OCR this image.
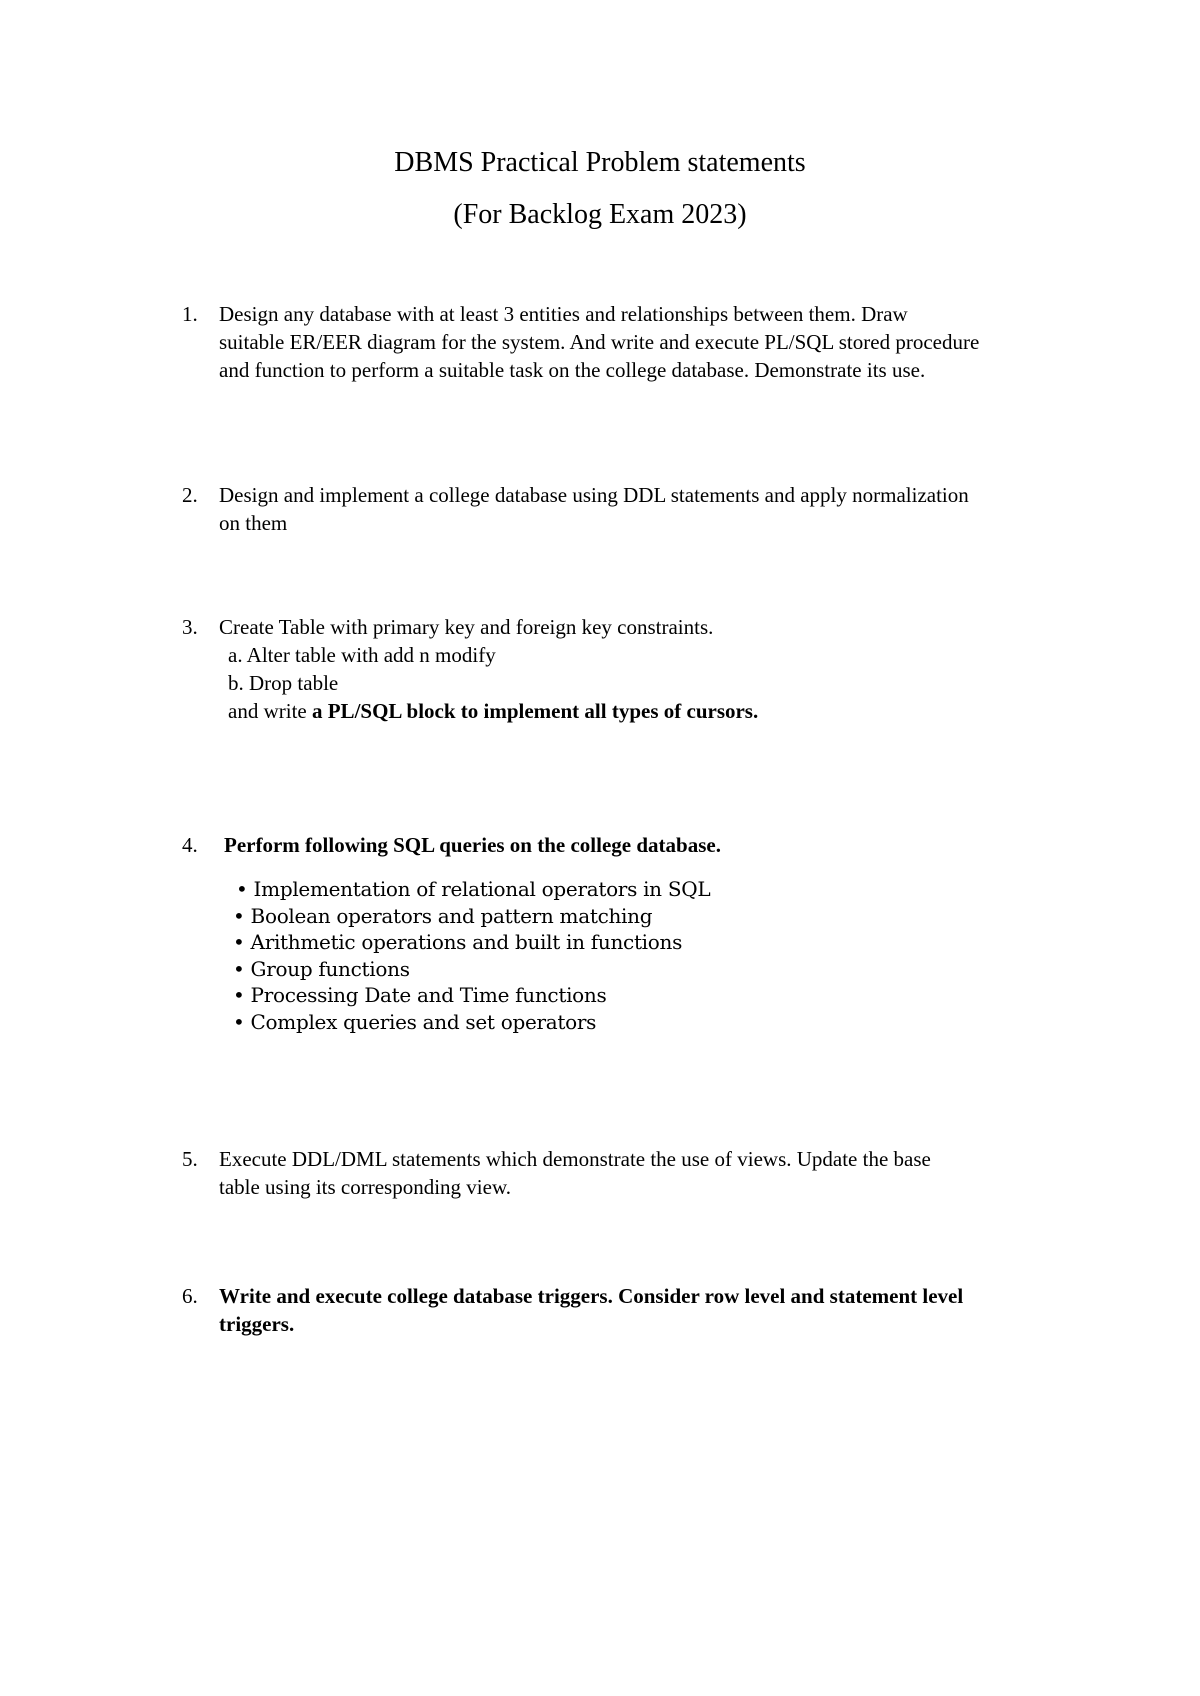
DBMS Practical Problem statements
(For Backlog Exam 2023)
1.	Design any database with at least 3 entities and relationships between them. Draw
suitable ER/EER diagram for the system. And write and execute PL/SQL stored procedure
and function to perform a suitable task on the college database. Demonstrate its use.
2.	Design and implement a college database using DDL statements and apply normalization
on them
3.	Create Table with primary key and foreign key constraints.
a. Alter table with add n modify
b. Drop table
and write a PL/SQL block to implement all types of cursors.
4.	Perform following SQL queries on the college database.
• Implementation of relational operators in SQL
• Boolean operators and pattern matching
• Arithmetic operations and built in functions
• Group functions
• Processing Date and Time functions
• Complex queries and set operators
5.	Execute DDL/DML statements which demonstrate the use of views. Update the base
table using its corresponding view.
6.	Write and execute college database triggers. Consider row level and statement level
triggers.
